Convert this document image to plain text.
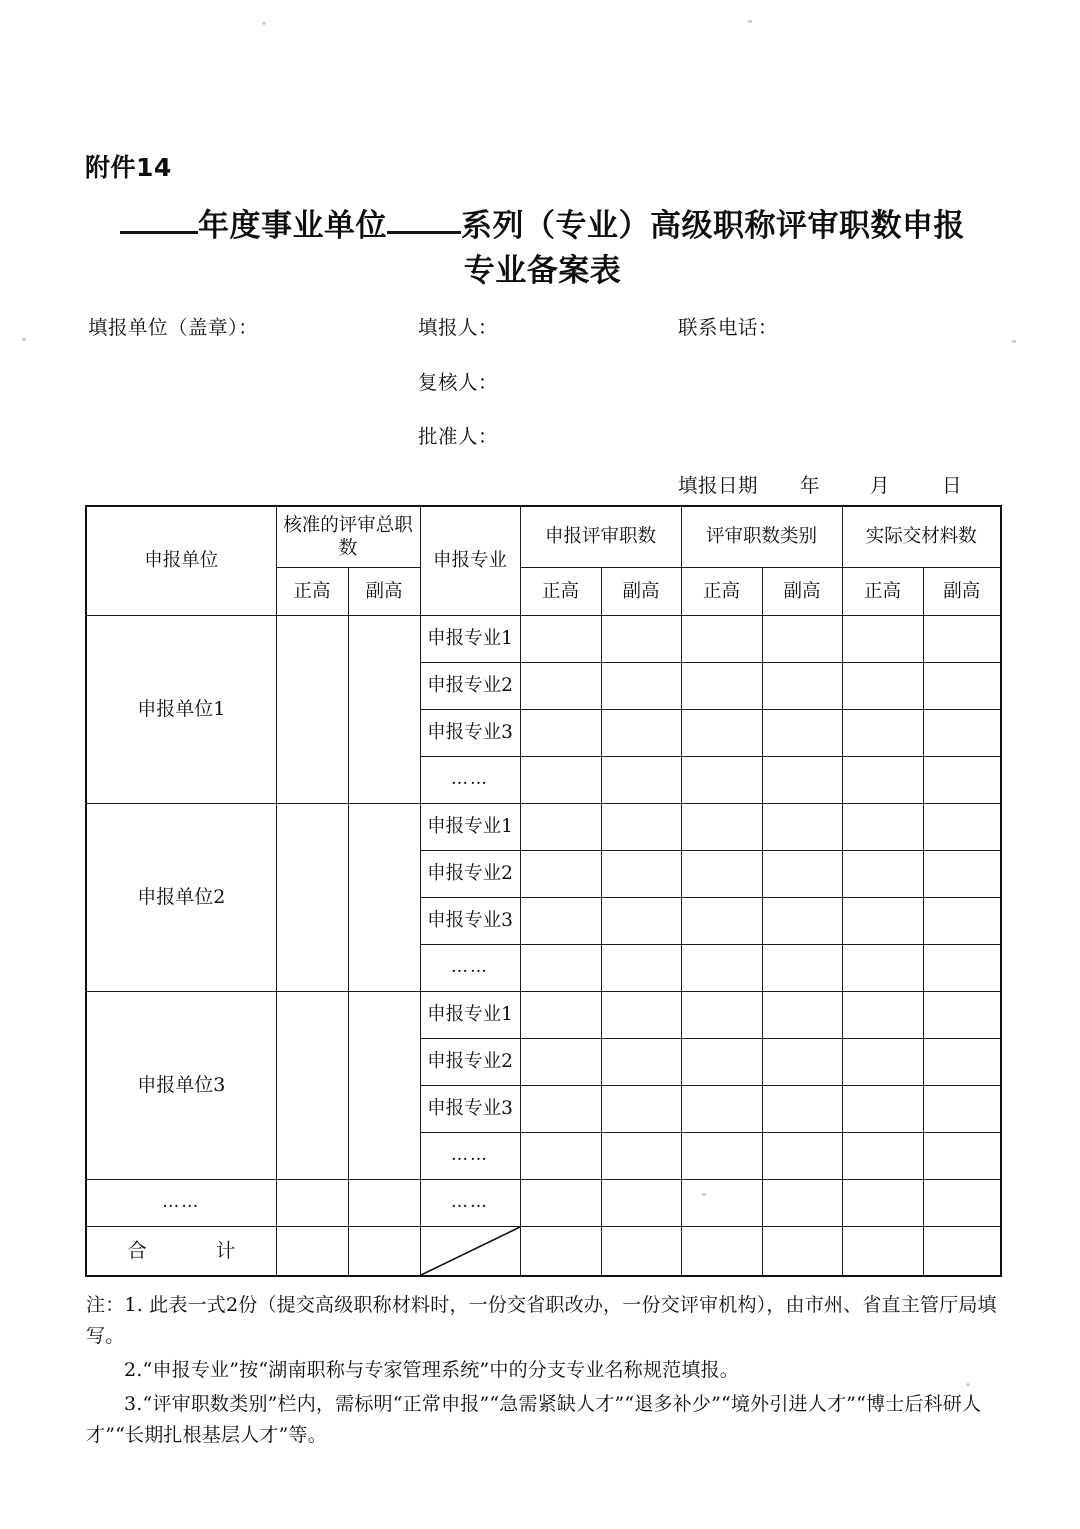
附件14
年度事业单位 系列（专业）高级职称评审职数申报
专业备案表
填报单位（盖章）：	填报人：	联系电话：
复核人：
批准人：
填报日期 年	月	日
申报单位	核准的评审总职数		申报专业	申报评审职数		评审职数类别		实际交材料数	
	正高	副高		正高	副高	正高	副高	正高	副高
申报单位1			申报专业1						
			申报专业2						
			申报专业3						
			……						
申报单位2			申报专业1						
			申报专业2						
			申报专业3						
			……						
申报单位3			申报专业1						
			申报专业2						
			申报专业3						
			……						
……			……						
合　　计			

注：1. 此表一式2份（提交高级职称材料时，一份交省职改办，一份交评审机构），由市州、省直主管厅局填写。

2.“申报专业”按“湖南职称与专家管理系统”中的分支专业名称规范填报。

3.“评审职数类别”栏内，需标明“正常申报”“急需紧缺人才”“退多补少”“境外引进人才”“博士后科研人才”“长期扎根基层人才”等。
